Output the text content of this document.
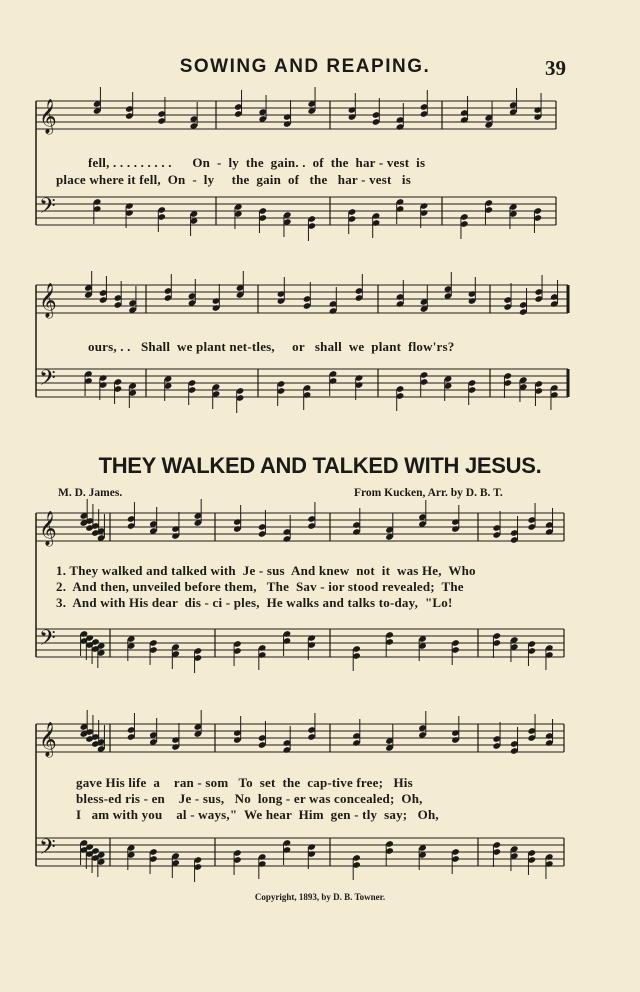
𝄞
𝄢
𝄞
𝄢
𝄞
𝄢
𝄞
𝄢
SOWING AND REAPING.	39
fell, . . . . . . . . .      On  -  ly  the  gain. .  of  the  har - vest  is
place where it fell,  On  -  ly     the  gain  of   the   har - vest   is
ours, . .   Shall  we plant net-tles,     or   shall  we  plant  flow'rs?
THEY WALKED AND TALKED WITH JESUS.
M. D. James.	From Kucken, Arr. by D. B. T.
1. They walked and talked with  Je - sus  And knew  not  it  was He,  Who
2.  And then, unveiled before them,   The  Sav - ior stood revealed;  The
3.  And with His dear  dis - ci - ples,  He walks and talks to-day,  "Lo!
gave His life  a    ran - som   To  set  the  cap-tive free;   His
bless-ed ris - en    Je - sus,   No  long - er was concealed;  Oh,
I   am with you    al - ways,"  We hear  Him  gen - tly  say;   Oh,
Copyright, 1893, by D. B. Towner.
